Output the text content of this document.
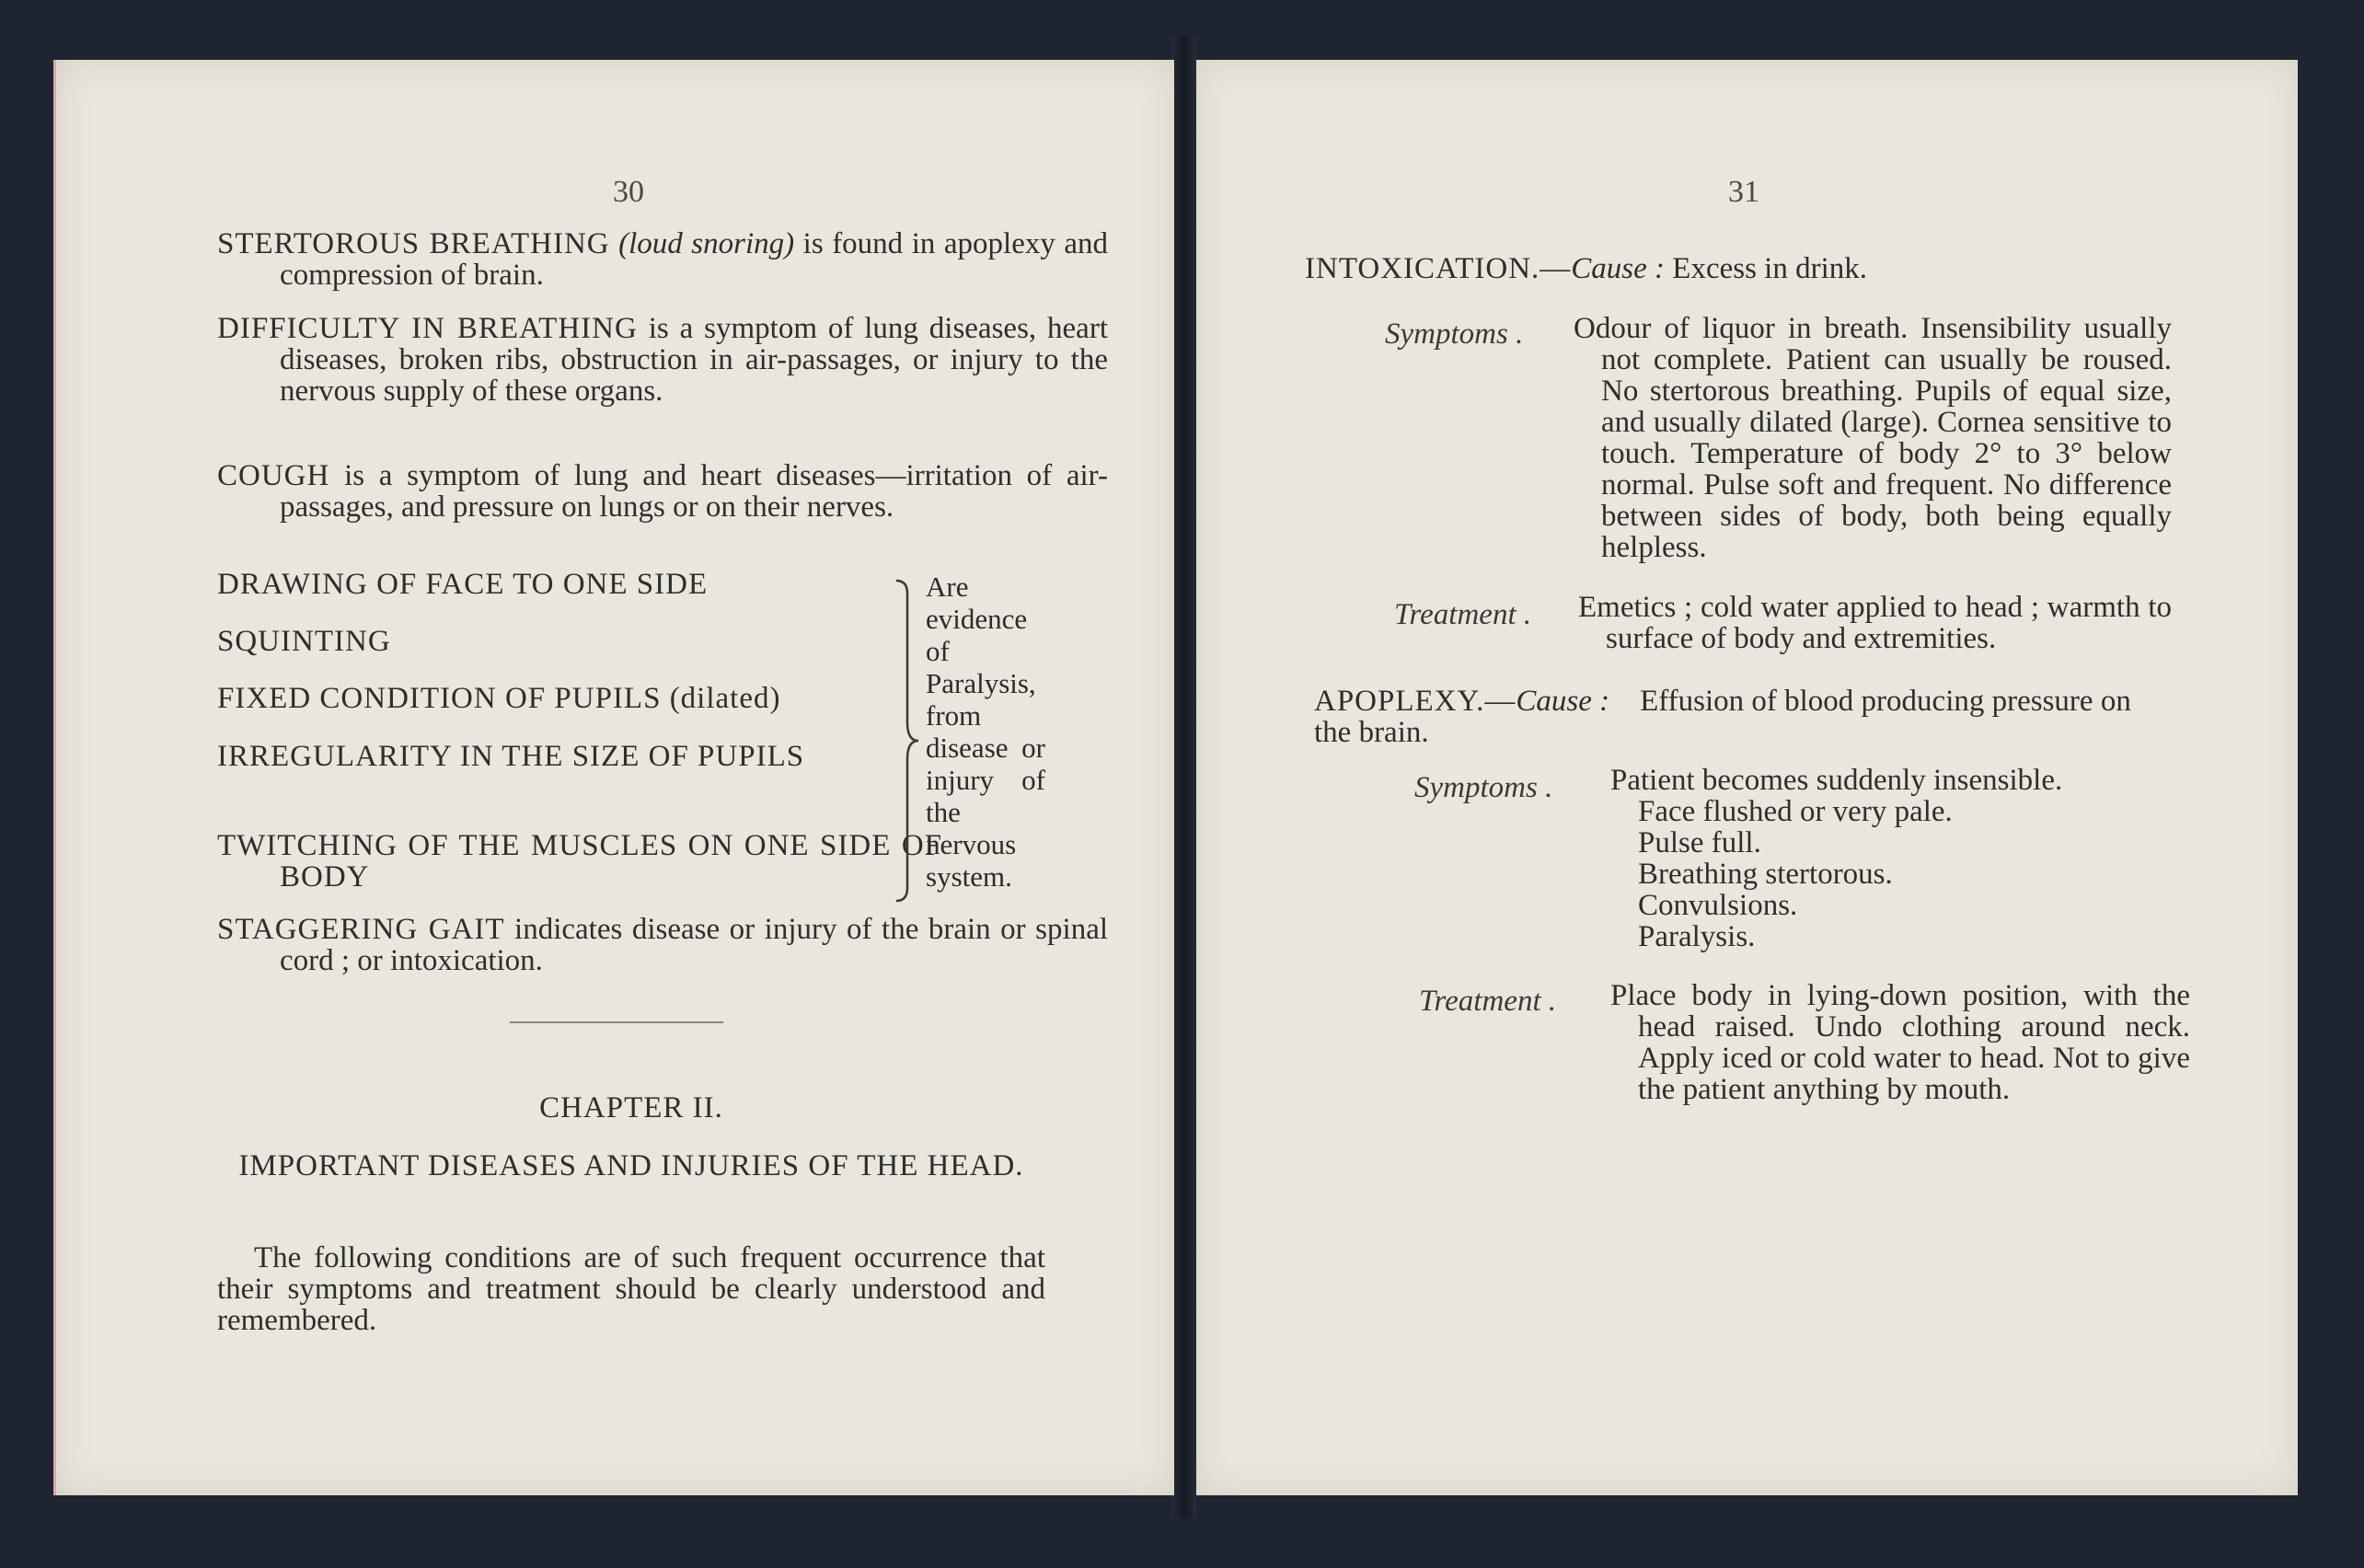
30
STERTOROUS BREATHING (loud snoring) is found in apoplexy and compression of brain.
DIFFICULTY IN BREATHING is a symptom of lung diseases, heart diseases, broken ribs, obstruction in air-passages, or injury to the nervous supply of these organs.
COUGH is a symptom of lung and heart diseases—irritation of air-passages, and pressure on lungs or on their nerves.
DRAWING OF FACE TO ONE SIDE
SQUINTING
FIXED CONDITION OF PUPILS (dilated)
IRREGULARITY IN THE SIZE OF PUPILS
TWITCHING OF THE MUSCLES ON ONE SIDE OF BODY
Are evidence of Paralysis, from disease or injury of the nervous system.
STAGGERING GAIT indicates disease or injury of the brain or spinal cord ; or intoxication.
CHAPTER II.
IMPORTANT DISEASES AND INJURIES OF THE HEAD.
The following conditions are of such frequent occurrence that their symptoms and treatment should be clearly understood and remembered.
31
INTOXICATION.—Cause : Excess in drink.
Symptoms .	Odour of liquor in breath. Insensibility usually not complete. Patient can usually be roused. No stertorous breathing. Pupils of equal size, and usually dilated (large). Cornea sensitive to touch. Temperature of body 2° to 3° below normal. Pulse soft and frequent. No difference between sides of body, both being equally helpless.
Treatment .	Emetics ; cold water applied to head ; warmth to surface of body and extremities.
APOPLEXY.—Cause : Effusion of blood producing pressure on the brain.
Symptoms .	Patient becomes suddenly insensible.
Face flushed or very pale.
Pulse full.
Breathing stertorous.
Convulsions.
Paralysis.
Treatment .	Place body in lying-down position, with the head raised. Undo clothing around neck. Apply iced or cold water to head. Not to give the patient anything by mouth.
